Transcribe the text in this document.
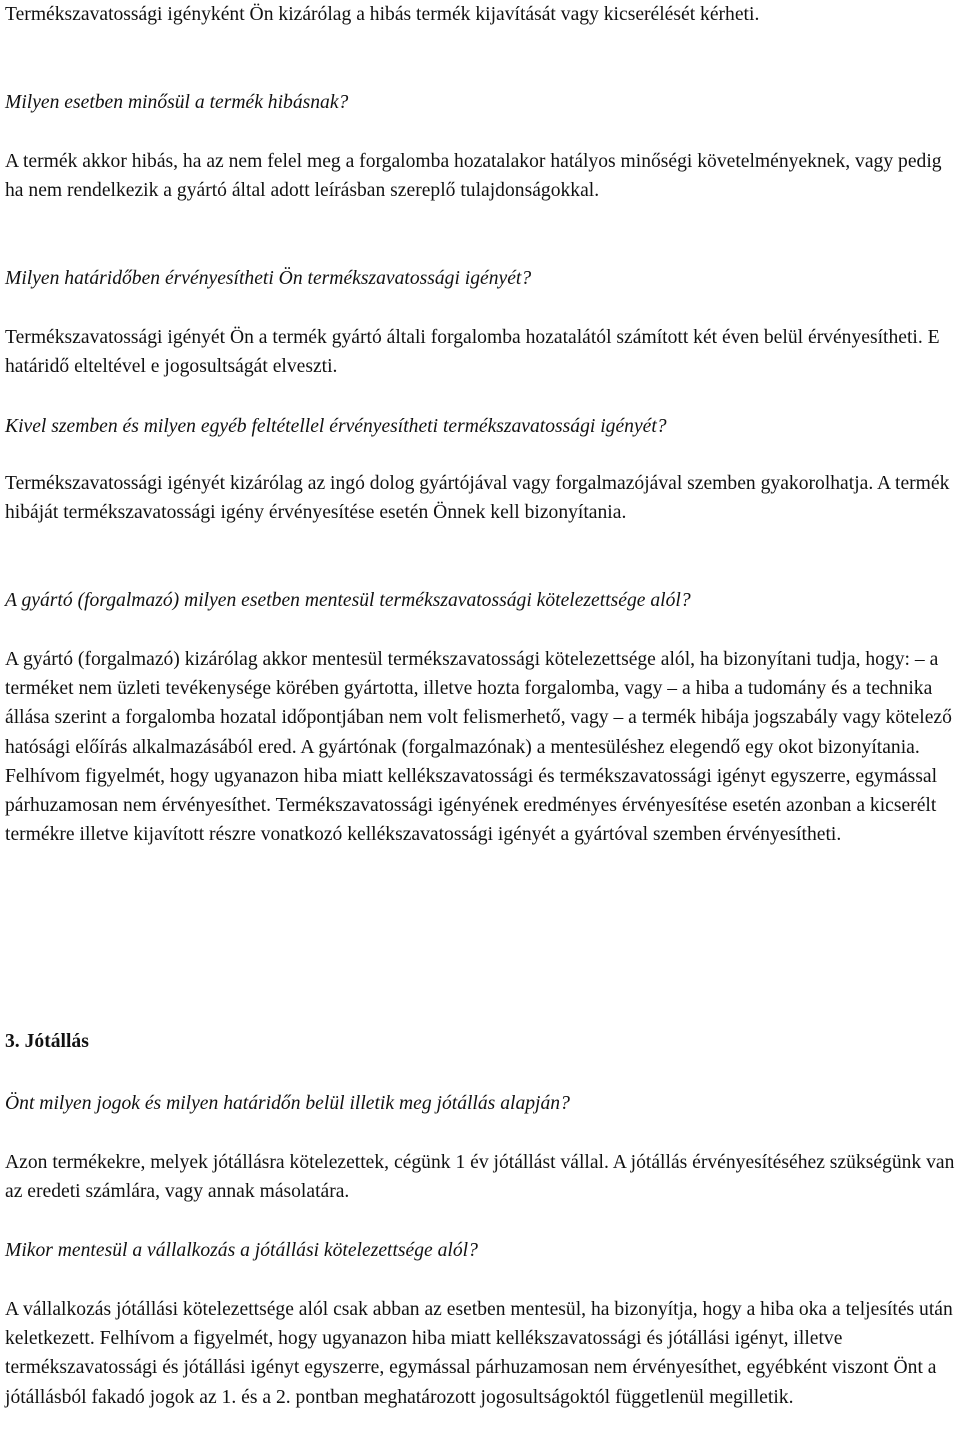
Termékszavatossági igényként Ön kizárólag a hibás termék kijavítását vagy kicserélését kérheti.

Milyen esetben minősül a termék hibásnak?

A termék akkor hibás, ha az nem felel meg a forgalomba hozatalakor hatályos minőségi követelményeknek, vagy pedig ha nem rendelkezik a gyártó által adott leírásban szereplő tulajdonságokkal.

Milyen határidőben érvényesítheti Ön termékszavatossági igényét?

Termékszavatossági igényét Ön a termék gyártó általi forgalomba hozatalától számított két éven belül érvényesítheti. E határidő elteltével e jogosultságát elveszti.

Kivel szemben és milyen egyéb feltétellel érvényesítheti termékszavatossági igényét?

Termékszavatossági igényét kizárólag az ingó dolog gyártójával vagy forgalmazójával szemben gyakorolhatja. A termék hibáját termékszavatossági igény érvényesítése esetén Önnek kell bizonyítania.

A gyártó (forgalmazó) milyen esetben mentesül termékszavatossági kötelezettsége alól?

A gyártó (forgalmazó) kizárólag akkor mentesül termékszavatossági kötelezettsége alól, ha bizonyítani tudja, hogy: – a terméket nem üzleti tevékenysége körében gyártotta, illetve hozta forgalomba, vagy – a hiba a tudomány és a technika állása szerint a forgalomba hozatal időpontjában nem volt felismerhető, vagy – a termék hibája jogszabály vagy kötelező hatósági előírás alkalmazásából ered. A gyártónak (forgalmazónak) a mentesüléshez elegendő egy okot bizonyítania. Felhívom figyelmét, hogy ugyanazon hiba miatt kellékszavatossági és termékszavatossági igényt egyszerre, egymással párhuzamosan nem érvényesíthet. Termékszavatossági igényének eredményes érvényesítése esetén azonban a kicserélt termékre illetve kijavított részre vonatkozó kellékszavatossági igényét a gyártóval szemben érvényesítheti.

3. Jótállás

Önt milyen jogok és milyen határidőn belül illetik meg jótállás alapján?

Azon termékekre, melyek jótállásra kötelezettek, cégünk 1 év jótállást vállal. A jótállás érvényesítéséhez szükségünk van az eredeti számlára, vagy annak másolatára.

Mikor mentesül a vállalkozás a jótállási kötelezettsége alól?

A vállalkozás jótállási kötelezettsége alól csak abban az esetben mentesül, ha bizonyítja, hogy a hiba oka a teljesítés után keletkezett. Felhívom a figyelmét, hogy ugyanazon hiba miatt kellékszavatossági és jótállási igényt, illetve termékszavatossági és jótállási igényt egyszerre, egymással párhuzamosan nem érvényesíthet, egyébként viszont Önt a jótállásból fakadó jogok az 1. és a 2. pontban meghatározott jogosultságoktól függetlenül megilletik.
